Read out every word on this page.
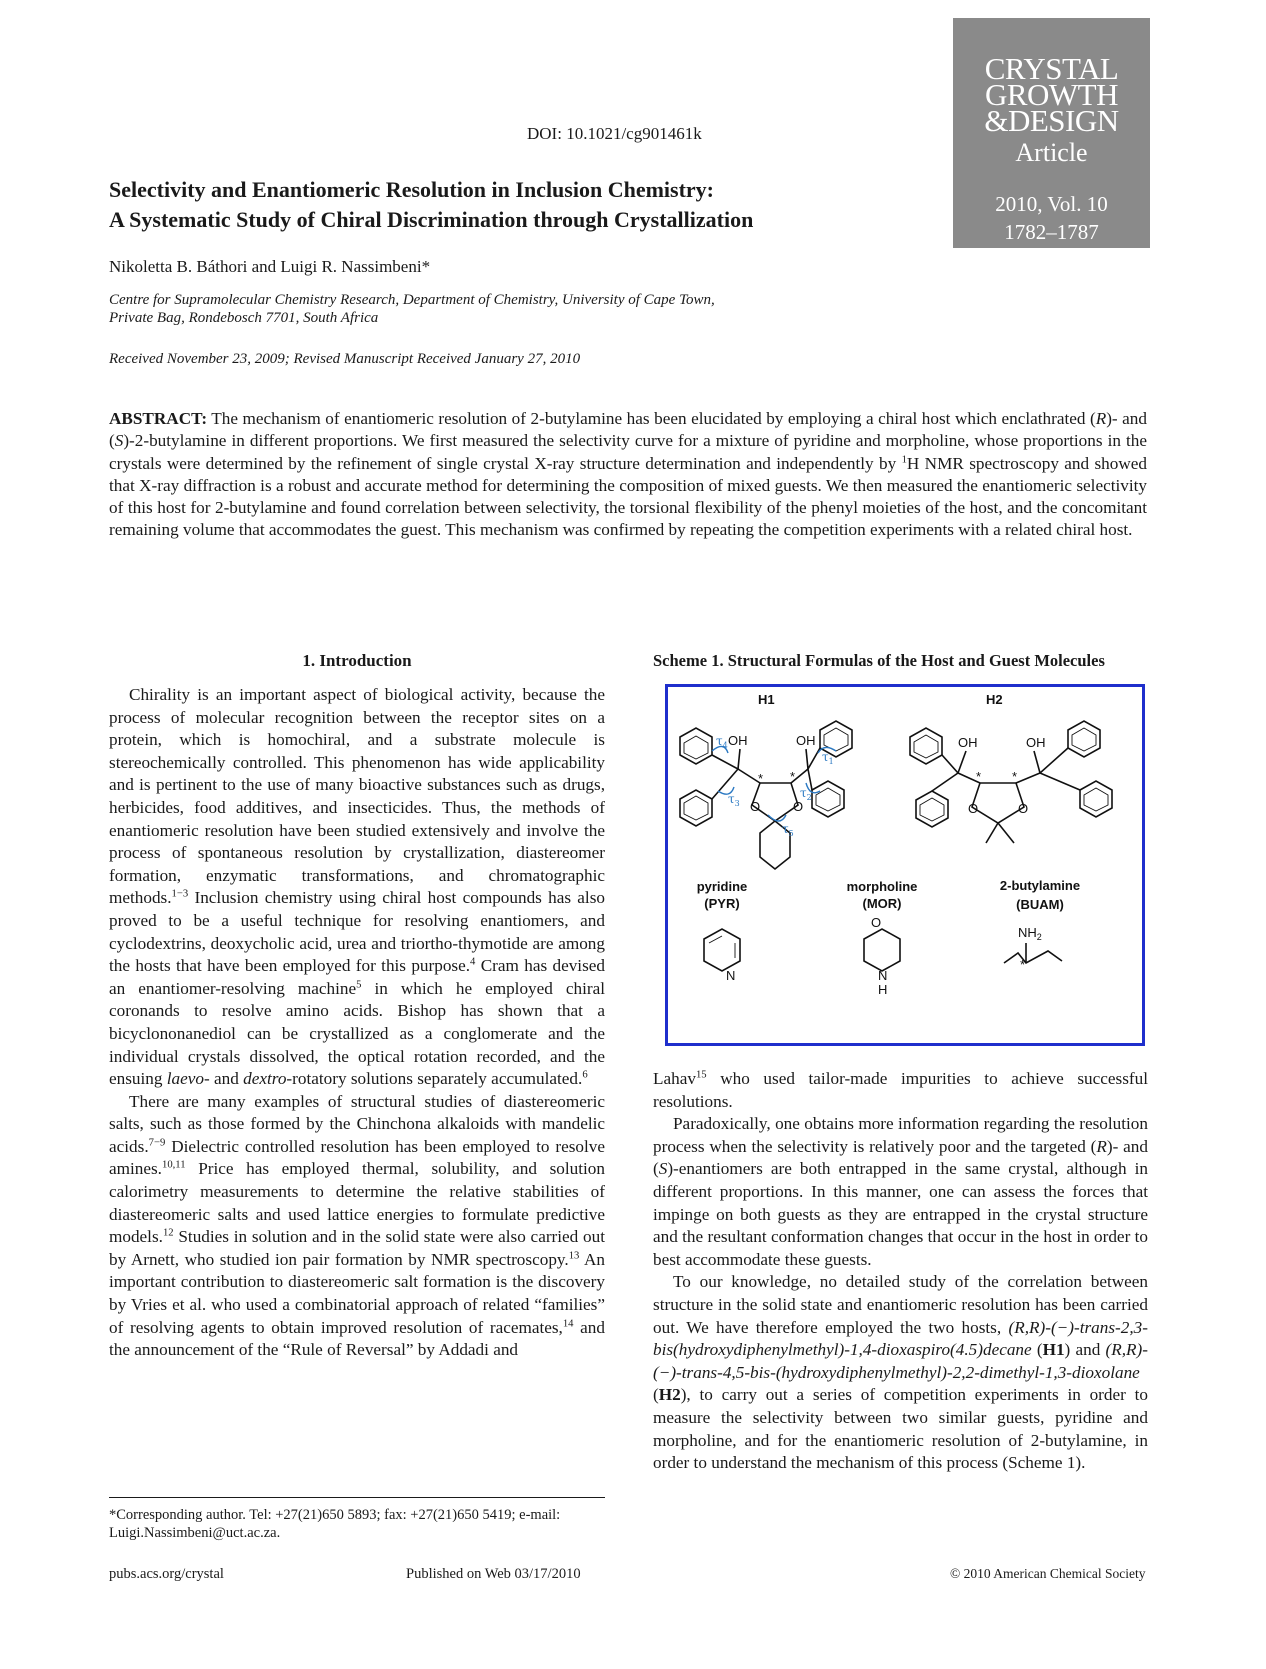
DOI: 10.1021/cg901461k
CRYSTAL
GROWTH
&DESIGN
Article
2010, Vol. 10
1782–1787
Selectivity and Enantiomeric Resolution in Inclusion Chemistry:
A Systematic Study of Chiral Discrimination through Crystallization
Nikoletta B. Báthori and Luigi R. Nassimbeni*
Centre for Supramolecular Chemistry Research, Department of Chemistry, University of Cape Town,
Private Bag, Rondebosch 7701, South Africa
Received November 23, 2009; Revised Manuscript Received January 27, 2010
ABSTRACT: The mechanism of enantiomeric resolution of 2-butylamine has been elucidated by employing a chiral host which enclathrated (R)- and (S)-2-butylamine in different proportions. We first measured the selectivity curve for a mixture of pyridine and morpholine, whose proportions in the crystals were determined by the refinement of single crystal X-ray structure determination and independently by $^1$H NMR spectroscopy and showed that X-ray diffraction is a robust and accurate method for determining the composition of mixed guests. We then measured the enantiomeric selectivity of this host for 2-butylamine and found correlation between selectivity, the torsional flexibility of the phenyl moieties of the host, and the concomitant remaining volume that accommodates the guest. This mechanism was confirmed by repeating the competition experiments with a related chiral host.
1. Introduction

Chirality is an important aspect of biological activity, because the process of molecular recognition between the receptor sites on a protein, which is homochiral, and a substrate molecule is stereochemically controlled. This phenomenon has wide applicability and is pertinent to the use of many bioactive substances such as drugs, herbicides, food additives, and insecticides. Thus, the methods of enantiomeric resolution have been studied extensively and involve the process of spontaneous resolution by crystallization, diastereomer formation, enzymatic transformations, and chromatographic methods.$^{1-3}$ Inclusion chemistry using chiral host compounds has also proved to be a useful technique for resolving enantiomers, and cyclodextrins, deoxycholic acid, urea and triortho-thymotide are among the hosts that have been employed for this purpose.$^4$ Cram has devised an enantiomer-resolving machine$^5$ in which he employed chiral coronands to resolve amino acids. Bishop has shown that a bicyclononanediol can be crystallized as a conglomerate and the individual crystals dissolved, the optical rotation recorded, and the ensuing laevo- and dextro-rotatory solutions separately accumulated.$^6$

There are many examples of structural studies of diastereomeric salts, such as those formed by the Chinchona alkaloids with mandelic acids.$^{7-9}$ Dielectric controlled resolution has been employed to resolve amines.$^{10,11}$ Price has employed thermal, solubility, and solution calorimetry measurements to determine the relative stabilities of diastereomeric salts and used lattice energies to formulate predictive models.$^{12}$ Studies in solution and in the solid state were also carried out by Arnett, who studied ion pair formation by NMR spectroscopy.$^{13}$ An important contribution to diastereomeric salt formation is the discovery by Vries et al. who used a combinatorial approach of related “families” of resolving agents to obtain improved resolution of racemates,$^{14}$ and the announcement of the “Rule of Reversal” by Addadi and

*Corresponding author. Tel: +27(21)650 5893; fax: +27(21)650 5419; e-mail: Luigi.Nassimbeni@uct.ac.za.
Scheme 1. Structural Formulas of the Host and Guest Molecules
H1	H2
OH	OH	OH	OH
O	O	O	O
* *	* *
*
$\tau_4$
$\tau_3$
$\tau_1$
$\tau_2$
$\tau_5$
pyridine
(PYR)
morpholine
(MOR)
2-butylamine
(BUAM)
N	N
H
O
$NH_2$

Lahav$^{15}$ who used tailor-made impurities to achieve successful resolutions.

Paradoxically, one obtains more information regarding the resolution process when the selectivity is relatively poor and the targeted (R)- and (S)-enantiomers are both entrapped in the same crystal, although in different proportions. In this manner, one can assess the forces that impinge on both guests as they are entrapped in the crystal structure and the resultant conformation changes that occur in the host in order to best accommodate these guests.

To our knowledge, no detailed study of the correlation between structure in the solid state and enantiomeric resolution has been carried out. We have therefore employed the two hosts, (R,R)-(−)-trans-2,3-bis(hydroxydiphenylmethyl)-1,4-dioxaspiro(4.5)decane (H1) and (R,R)-(−)-trans-4,5-bis-(hydroxydiphenylmethyl)-2,2-dimethyl-1,3-dioxolane (H2), to carry out a series of competition experiments in order to measure the selectivity between two similar guests, pyridine and morpholine, and for the enantiomeric resolution of 2-butylamine, in order to understand the mechanism of this process (Scheme 1).

pubs.acs.org/crystal	Published on Web 03/17/2010	© 2010 American Chemical Society
